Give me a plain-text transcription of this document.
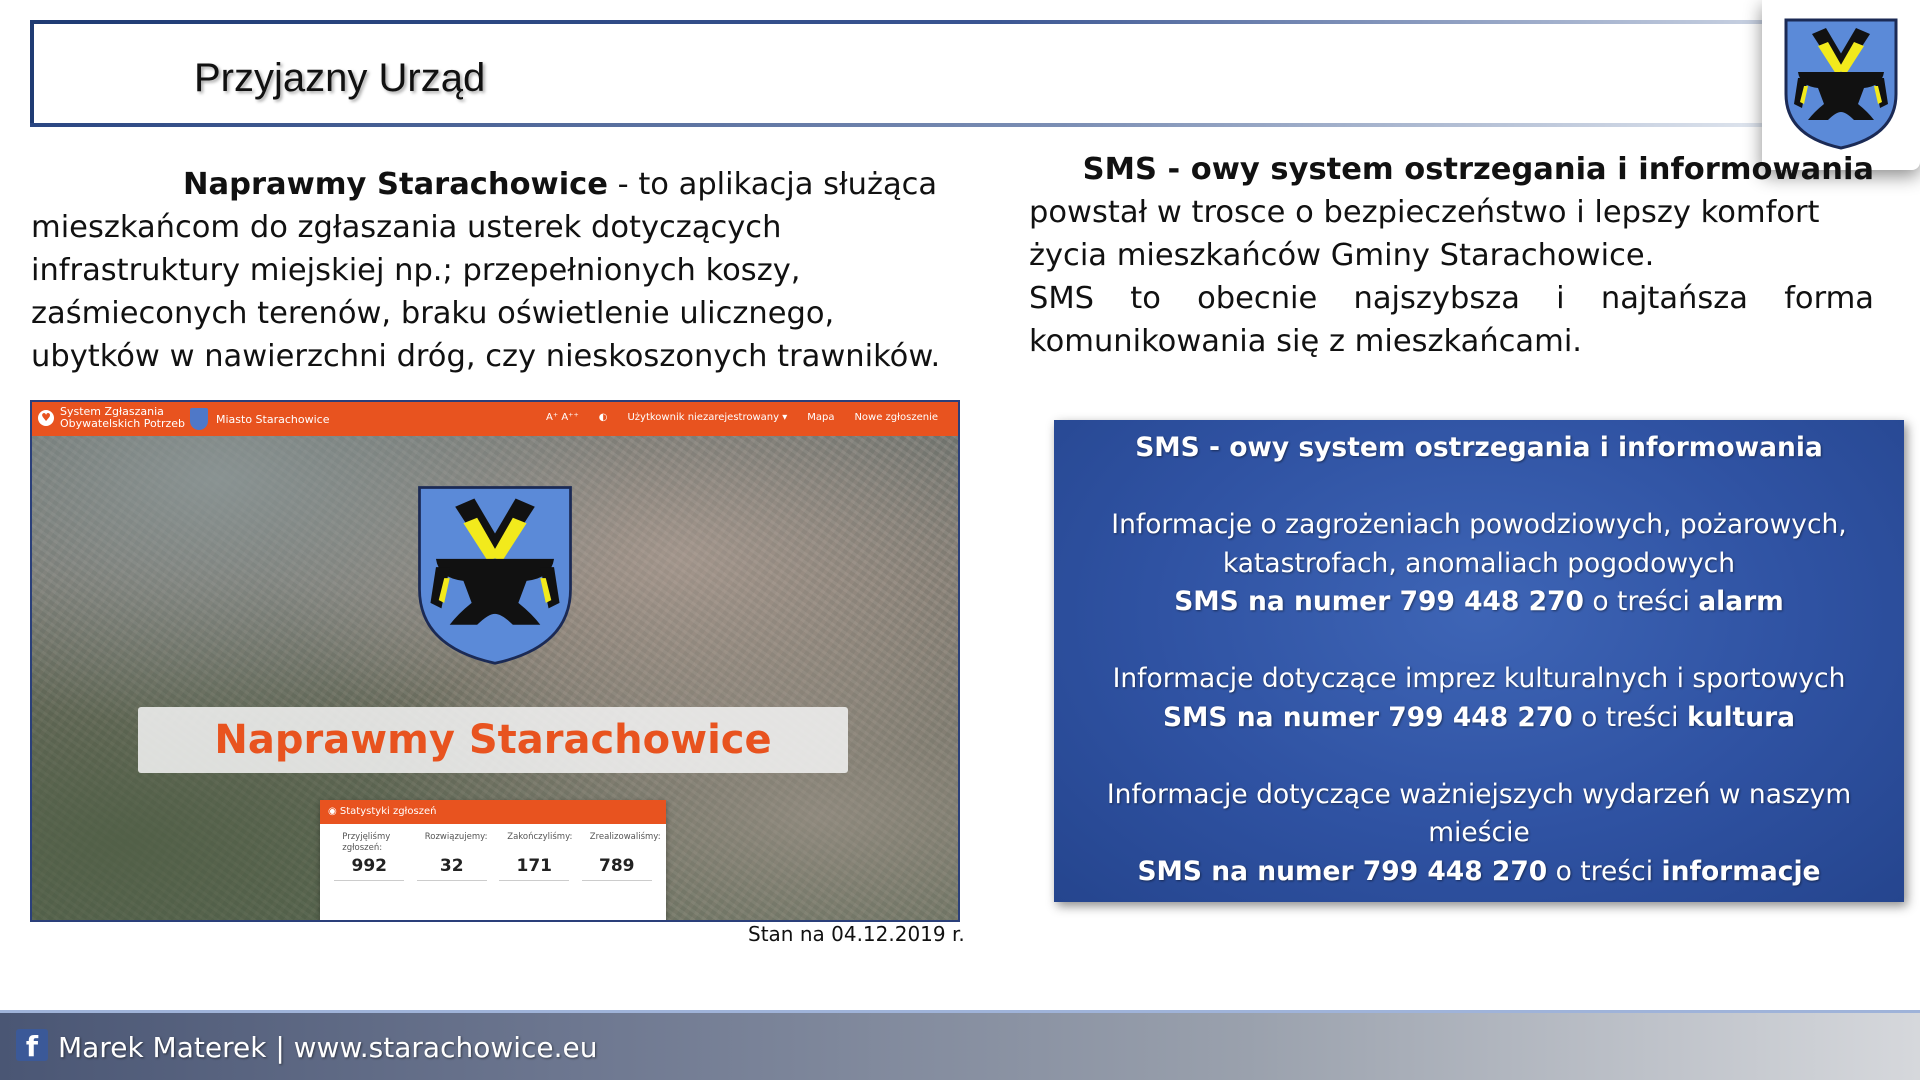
Przyjazny Urząd
Naprawmy Starachowice - to aplikacja służąca mieszkańcom do zgłaszania usterek dotyczących infrastruktury miejskiej np.; przepełnionych koszy, zaśmieconych terenów, braku oświetlenie ulicznego, ubytków w nawierzchni dróg, czy nieskoszonych trawników.
SMS - owy system ostrzegania i informowania
powstał w trosce o bezpieczeństwo i lepszy komfort życia mieszkańców Gminy Starachowice.
SMS to obecnie najszybsza i najtańsza forma
komunikowania się z mieszkańcami.
♥ System Zgłaszania Obywatelskich Potrzeb	Miasto Starachowice	A⁺ A⁺⁺ ◐ Użytkownik niezarejestrowany ▾ Mapa Nowe zgłoszenie
Naprawmy Starachowice
◉ Statystyki zgłoszeń
Przyjęliśmy zgłoszeń:
992
Rozwiązujemy:
32
Zakończyliśmy:
171
Zrealizowaliśmy:
789
Stan na 04.12.2019 r.
SMS - owy system ostrzegania i informowania
Informacje o zagrożeniach powodziowych, pożarowych,
katastrofach, anomaliach pogodowych
SMS na numer 799 448 270 o treści alarm
Informacje dotyczące imprez kulturalnych i sportowych
SMS na numer 799 448 270 o treści kultura
Informacje dotyczące ważniejszych wydarzeń w naszym
mieście
SMS na numer 799 448 270 o treści informacje
f Marek Materek | www.starachowice.eu
